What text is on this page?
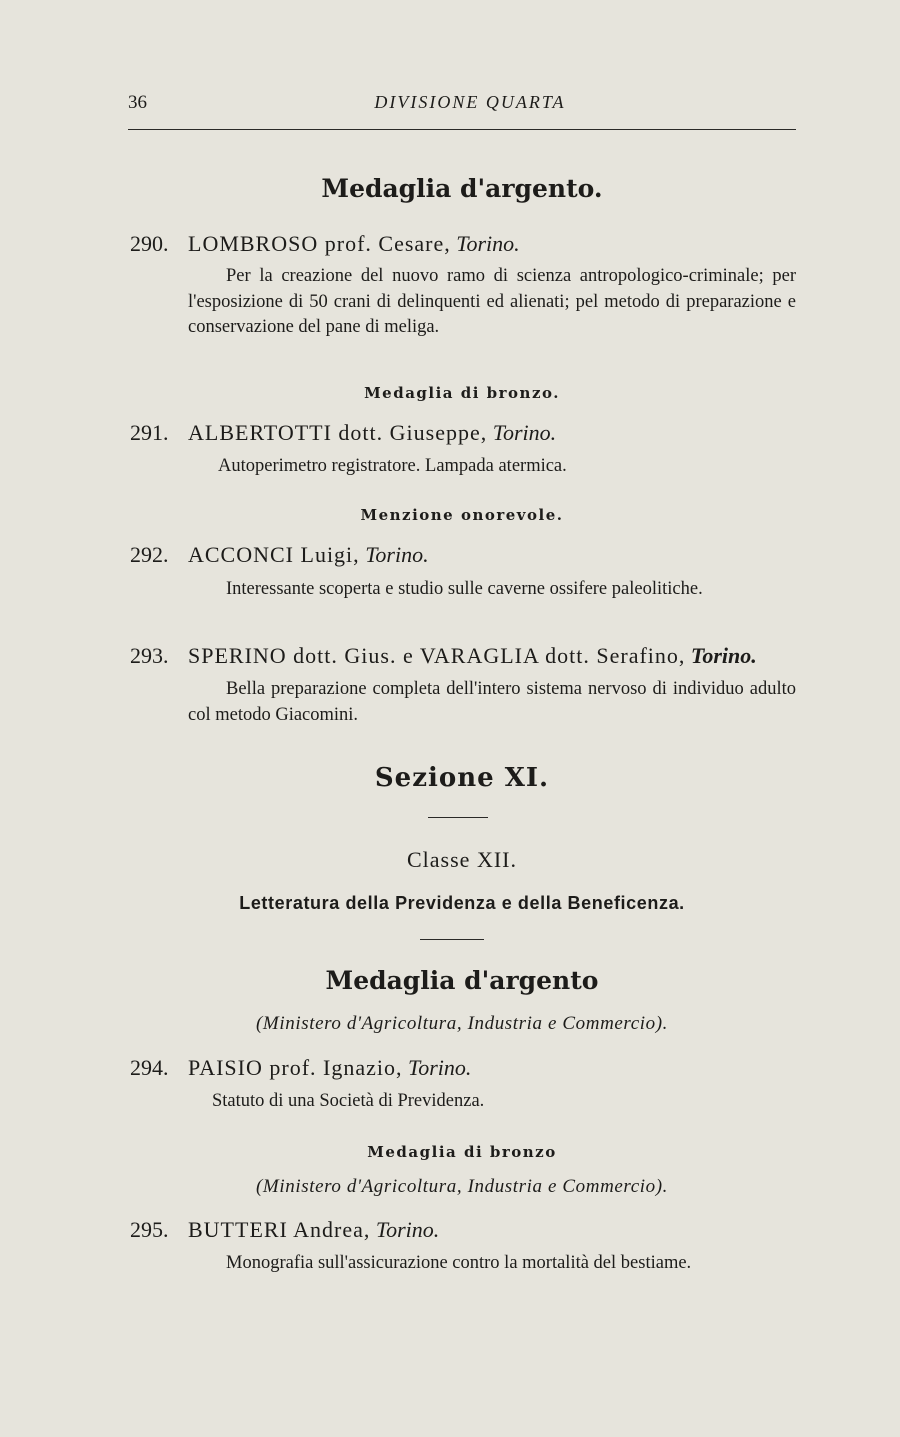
36	DIVISIONE QUARTA
Medaglia d'argento.
290. LOMBROSO prof. Cesare, Torino.
Per la creazione del nuovo ramo di scienza antropologico-criminale; per l'esposizione di 50 crani di delinquenti ed alienati; pel metodo di preparazione e conservazione del pane di meliga.
Medaglia di bronzo.
291. ALBERTOTTI dott. Giuseppe, Torino.
Autoperimetro registratore. Lampada atermica.
Menzione onorevole.
292. ACCONCI Luigi, Torino.
Interessante scoperta e studio sulle caverne ossifere paleolitiche.
293. SPERINO dott. Gius. e VARAGLIA dott. Serafino, Torino.
Bella preparazione completa dell'intero sistema nervoso di individuo adulto col metodo Giacomini.
Sezione XI.
Classe XII.
Letteratura della Previdenza e della Beneficenza.
Medaglia d'argento
(Ministero d'Agricoltura, Industria e Commercio).
294. PAISIO prof. Ignazio, Torino.
Statuto di una Società di Previdenza.
Medaglia di bronzo
(Ministero d'Agricoltura, Industria e Commercio).
295. BUTTERI Andrea, Torino.
Monografia sull'assicurazione contro la mortalità del bestiame.
